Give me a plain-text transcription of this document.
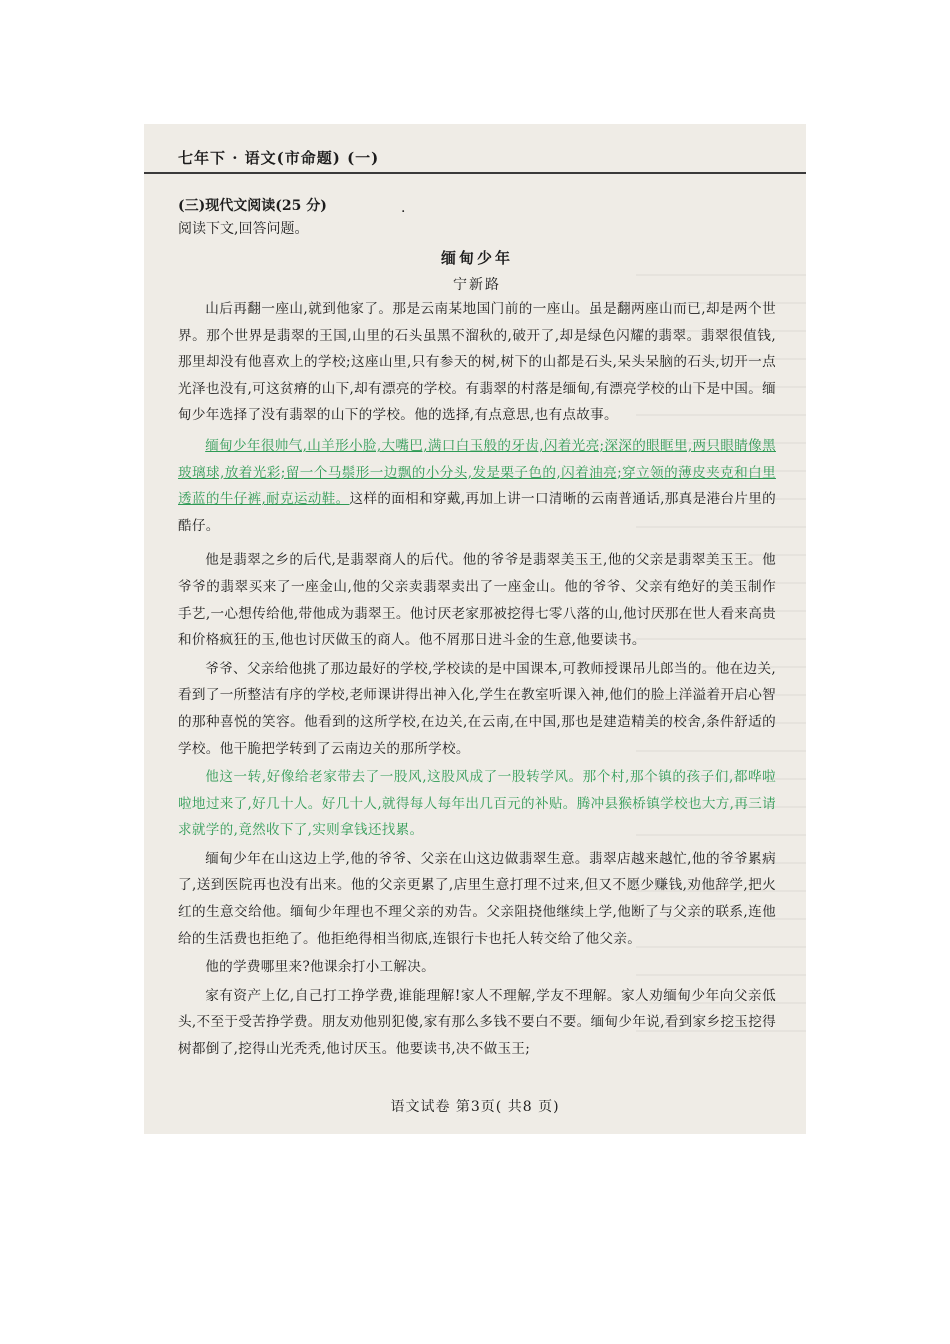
七年下 · 语文(市命题) (一)
(三)现代文阅读(25 分)	·
阅读下文,回答问题。
缅甸少年
宁新路

山后再翻一座山,就到他家了。那是云南某地国门前的一座山。虽是翻两座山而已,却是两个世界。那个世界是翡翠的王国,山里的石头虽黑不溜秋的,破开了,却是绿色闪耀的翡翠。翡翠很值钱,那里却没有他喜欢上的学校;这座山里,只有参天的树,树下的山都是石头,呆头呆脑的石头,切开一点光泽也没有,可这贫瘠的山下,却有漂亮的学校。有翡翠的村落是缅甸,有漂亮学校的山下是中国。缅甸少年选择了没有翡翠的山下的学校。他的选择,有点意思,也有点故事。

缅甸少年很帅气,山羊形小脸,大嘴巴,满口白玉般的牙齿,闪着光亮;深深的眼眶里,两只眼睛像黑玻璃球,放着光彩;留一个马鬃形一边飘的小分头,发是栗子色的,闪着油亮;穿立领的薄皮夹克和白里透蓝的牛仔裤,耐克运动鞋。这样的面相和穿戴,再加上讲一口清晰的云南普通话,那真是港台片里的酷仔。

他是翡翠之乡的后代,是翡翠商人的后代。他的爷爷是翡翠美玉王,他的父亲是翡翠美玉王。他爷爷的翡翠买来了一座金山,他的父亲卖翡翠卖出了一座金山。他的爷爷、父亲有绝好的美玉制作手艺,一心想传给他,带他成为翡翠王。他讨厌老家那被挖得七零八落的山,他讨厌那在世人看来高贵和价格疯狂的玉,他也讨厌做玉的商人。他不屑那日进斗金的生意,他要读书。

爷爷、父亲给他挑了那边最好的学校,学校读的是中国课本,可教师授课吊儿郎当的。他在边关,看到了一所整洁有序的学校,老师课讲得出神入化,学生在教室听课入神,他们的脸上洋溢着开启心智的那种喜悦的笑容。他看到的这所学校,在边关,在云南,在中国,那也是建造精美的校舍,条件舒适的学校。他干脆把学转到了云南边关的那所学校。

他这一转,好像给老家带去了一股风,这股风成了一股转学风。那个村,那个镇的孩子们,都哗啦啦地过来了,好几十人。好几十人,就得每人每年出几百元的补贴。腾冲县猴桥镇学校也大方,再三请求就学的,竟然收下了,实则拿钱还找累。

缅甸少年在山这边上学,他的爷爷、父亲在山这边做翡翠生意。翡翠店越来越忙,他的爷爷累病了,送到医院再也没有出来。他的父亲更累了,店里生意打理不过来,但又不愿少赚钱,劝他辞学,把火红的生意交给他。缅甸少年理也不理父亲的劝告。父亲阻挠他继续上学,他断了与父亲的联系,连他给的生活费也拒绝了。他拒绝得相当彻底,连银行卡也托人转交给了他父亲。

他的学费哪里来?他课余打小工解决。

家有资产上亿,自己打工挣学费,谁能理解!家人不理解,学友不理解。家人劝缅甸少年向父亲低头,不至于受苦挣学费。朋友劝他别犯傻,家有那么多钱不要白不要。缅甸少年说,看到家乡挖玉挖得树都倒了,挖得山光秃秃,他讨厌玉。他要读书,决不做玉王;

语文试卷 第3页( 共8 页)
